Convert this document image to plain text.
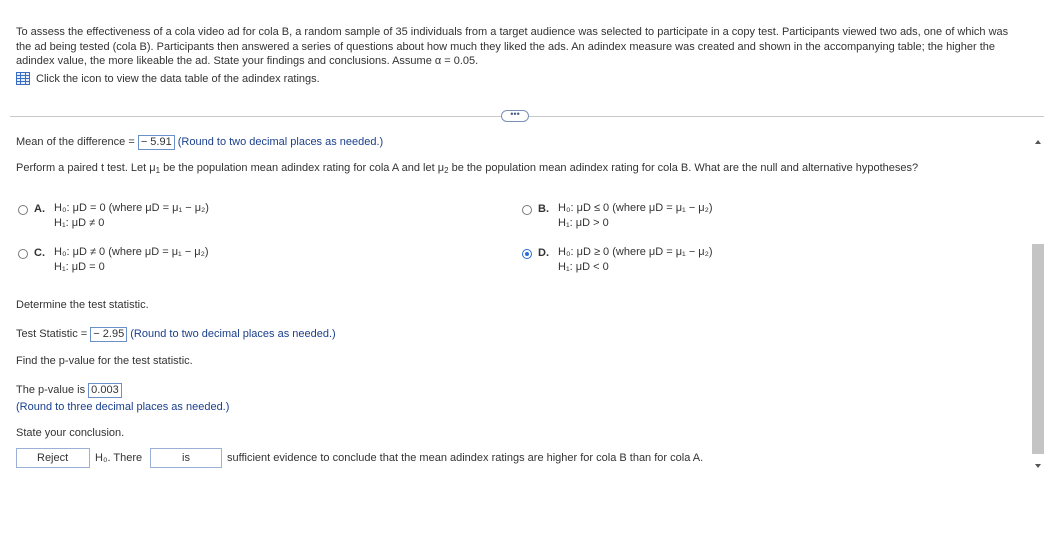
To assess the effectiveness of a cola video ad for cola B, a random sample of 35 individuals from a target audience was selected to participate in a copy test. Participants viewed two ads, one of which was
the ad being tested (cola B). Participants then answered a series of questions about how much they liked the ads. An adindex measure was created and shown in the accompanying table; the higher the
adindex value, the more likeable the ad. State your findings and conclusions. Assume α = 0.05.
Click the icon to view the data table of the adindex ratings.
•••
Mean of the difference = − 5.91 (Round to two decimal places as needed.)
Perform a paired t test. Let $\mu_1$ be the population mean adindex rating for cola A and let $\mu_2$ be the population mean adindex rating for cola B. What are the null and alternative hypotheses?
A. H₀: μD = 0 (where μD = μ₁ − μ₂)
H₁: μD ≠ 0
B. H₀: μD ≤ 0 (where μD = μ₁ − μ₂)
H₁: μD > 0
C. H₀: μD ≠ 0 (where μD = μ₁ − μ₂)
H₁: μD = 0
D. H₀: μD ≥ 0 (where μD = μ₁ − μ₂)
H₁: μD < 0
Determine the test statistic.
Test Statistic = − 2.95 (Round to two decimal places as needed.)
Find the p-value for the test statistic.
The p-value is 0.003
(Round to three decimal places as needed.)
State your conclusion.
Reject	H₀. There	is	sufficient evidence to conclude that the mean adindex ratings are higher for cola B than for cola A.
